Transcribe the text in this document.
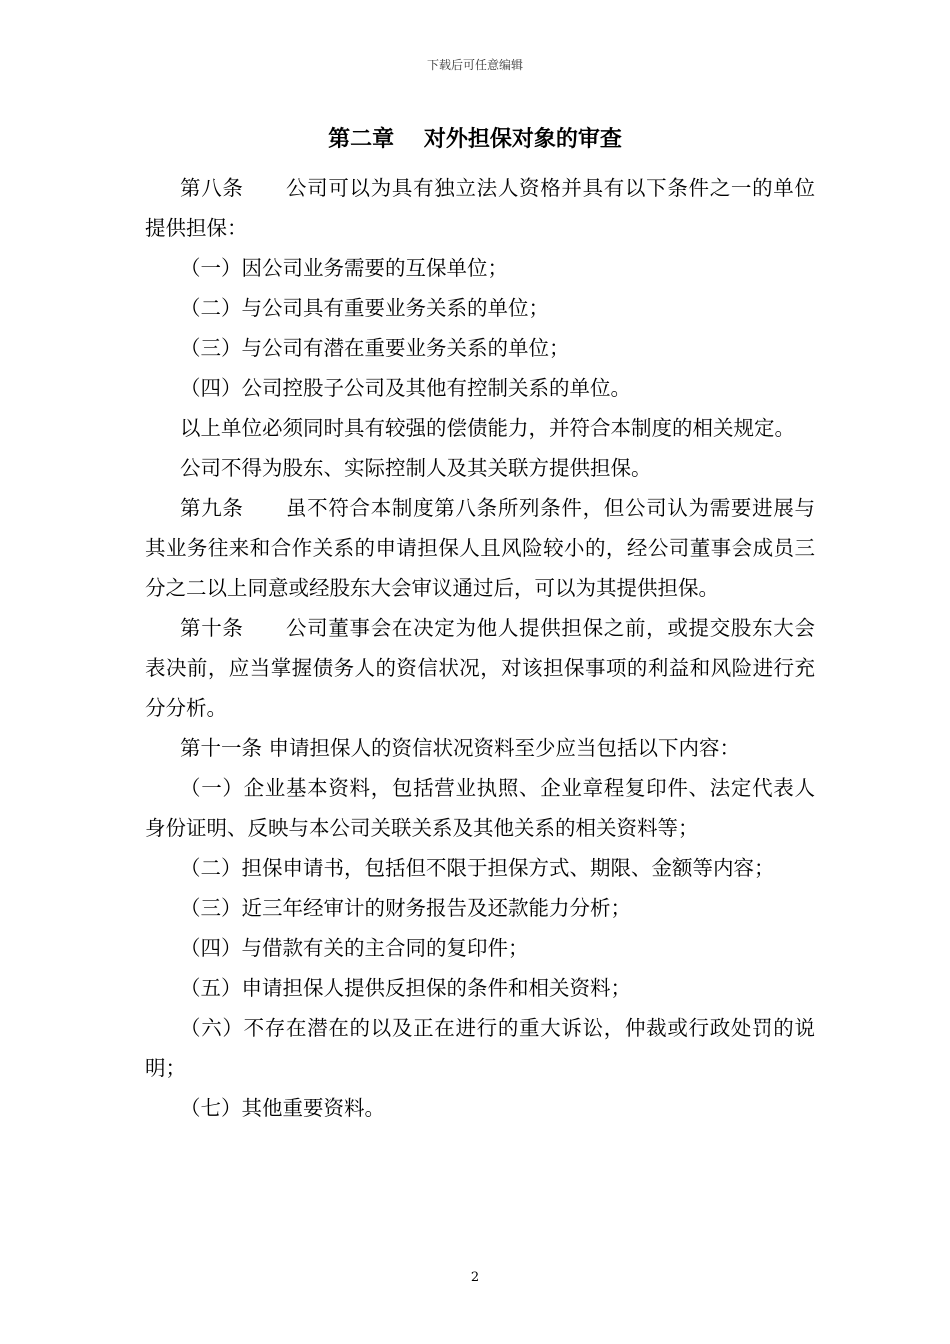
下载后可任意编辑
第二章　 对外担保对象的审查

第八条　　公司可以为具有独立法人资格并具有以下条件之一的单位提供担保：

（一）因公司业务需要的互保单位；

（二）与公司具有重要业务关系的单位；

（三）与公司有潜在重要业务关系的单位；

（四）公司控股子公司及其他有控制关系的单位。

以上单位必须同时具有较强的偿债能力，并符合本制度的相关规定。

公司不得为股东、实际控制人及其关联方提供担保。

第九条　　虽不符合本制度第八条所列条件，但公司认为需要进展与其业务往来和合作关系的申请担保人且风险较小的，经公司董事会成员三分之二以上同意或经股东大会审议通过后，可以为其提供担保。

第十条　　公司董事会在决定为他人提供担保之前，或提交股东大会表决前，应当掌握债务人的资信状况，对该担保事项的利益和风险进行充分分析。

第十一条 申请担保人的资信状况资料至少应当包括以下内容：

（一）企业基本资料，包括营业执照、企业章程复印件、法定代表人身份证明、反映与本公司关联关系及其他关系的相关资料等；

（二）担保申请书，包括但不限于担保方式、期限、金额等内容；

（三）近三年经审计的财务报告及还款能力分析；

（四）与借款有关的主合同的复印件；

（五）申请担保人提供反担保的条件和相关资料；

（六）不存在潜在的以及正在进行的重大诉讼，仲裁或行政处罚的说明；

（七）其他重要资料。

2
